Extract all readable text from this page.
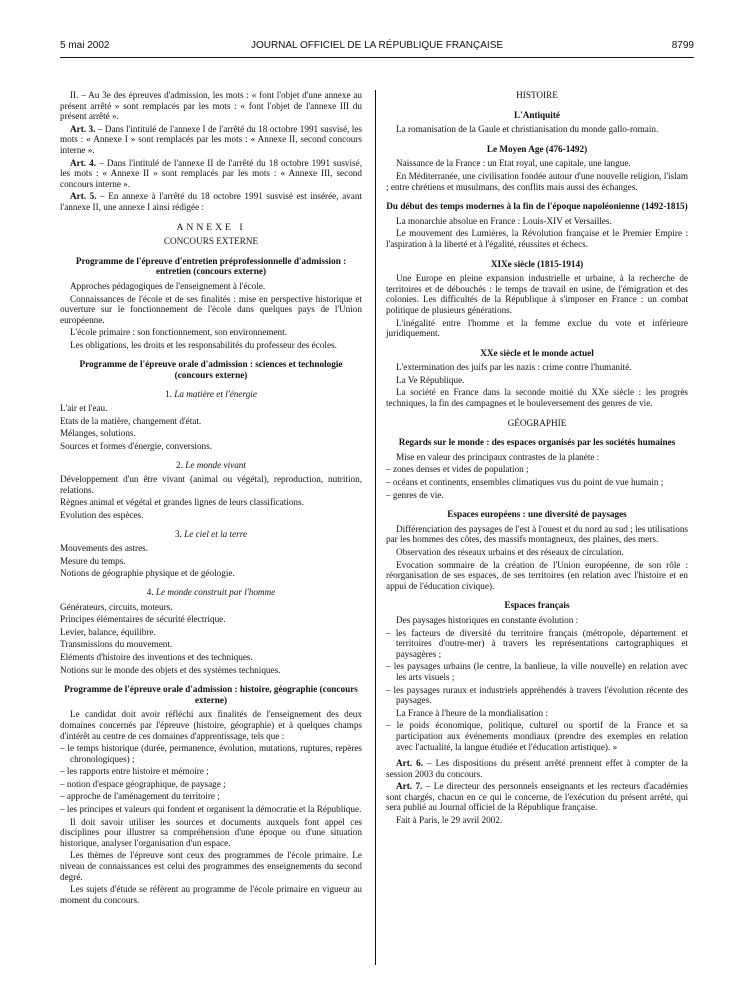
5 mai 2002	JOURNAL OFFICIEL DE LA RÉPUBLIQUE FRANÇAISE	8799

II. – Au 3e des épreuves d'admission, les mots : « font l'objet d'une annexe au présent arrêté » sont remplacés par les mots : « font l'objet de l'annexe III du présent arrêté ».

Art. 3. – Dans l'intitulé de l'annexe I de l'arrêté du 18 octobre 1991 susvisé, les mots : « Annexe I » sont remplacés par les mots : « Annexe II, second concours interne ».

Art. 4. – Dans l'intitulé de l'annexe II de l'arrêté du 18 octobre 1991 susvisé, les mots : « Annexe II » sont remplacés par les mots : « Annexe III, second concours interne ».

Art. 5. – En annexe à l'arrêté du 18 octobre 1991 susvisé est insérée, avant l'annexe II, une annexe I ainsi rédigée :

ANNEXE I

CONCOURS EXTERNE

Programme de l'épreuve d'entretien préprofessionnelle d'admission : entretien (concours externe)

Approches pédagogiques de l'enseignement à l'école.

Connaissances de l'école et de ses finalités : mise en perspective historique et ouverture sur le fonctionnement de l'école dans quelques pays de l'Union européenne.

L'école primaire : son fonctionnement, son environnement.

Les obligations, les droits et les responsabilités du professeur des écoles.

Programme de l'épreuve orale d'admission : sciences et technologie (concours externe)

1. La matière et l'énergie

L'air et l'eau.

Etats de la matière, changement d'état.

Mélanges, solutions.

Sources et formes d'énergie, conversions.

2. Le monde vivant

Développement d'un être vivant (animal ou végétal), reproduction, nutrition, relations.

Règnes animal et végétal et grandes lignes de leurs classifications.

Evolution des espèces.

3. Le ciel et la terre

Mouvements des astres.

Mesure du temps.

Notions de géographie physique et de géologie.

4. Le monde construit par l'homme

Générateurs, circuits, moteurs.

Principes élémentaires de sécurité électrique.

Levier, balance, équilibre.

Transmissions du mouvement.

Eléments d'histoire des inventions et des techniques.

Notions sur le monde des objets et des systèmes techniques.

Programme de l'épreuve orale d'admission : histoire, géographie (concours externe)

Le candidat doit avoir réfléchi aux finalités de l'enseignement des deux domaines concernés par l'épreuve (histoire, géographie) et à quelques champs d'intérêt au centre de ces domaines d'apprentissage, tels que :

– le temps historique (durée, permanence, évolution, mutations, ruptures, repères chronologiques) ;

– les rapports entre histoire et mémoire ;

– notion d'espace géographique, de paysage ;

– approche de l'aménagement du territoire ;

– les principes et valeurs qui fondent et organisent la démocratie et la République.

Il doit savoir utiliser les sources et documents auxquels font appel ces disciplines pour illustrer sa compréhension d'une époque ou d'une situation historique, analyser l'organisation d'un espace.

Les thèmes de l'épreuve sont ceux des programmes de l'école primaire. Le niveau de connaissances est celui des programmes des enseignements du second degré.

Les sujets d'étude se réfèrent au programme de l'école primaire en vigueur au moment du concours.

HISTOIRE

L'Antiquité

La romanisation de la Gaule et christianisation du monde gallo-romain.

Le Moyen Age (476-1492)

Naissance de la France : un Etat royal, une capitale, une langue.

En Méditerranée, une civilisation fondée autour d'une nouvelle religion, l'islam ; entre chrétiens et musulmans, des conflits mais aussi des échanges.

Du début des temps modernes à la fin de l'époque napoléonienne (1492-1815)

La monarchie absolue en France : Louis-XIV et Versailles.

Le mouvement des Lumières, la Révolution française et le Premier Empire : l'aspiration à la liberté et à l'égalité, réussites et échecs.

XIXe siècle (1815-1914)

Une Europe en pleine expansion industrielle et urbaine, à la recherche de territoires et de débouchés : le temps de travail en usine, de l'émigration et des colonies. Les difficultés de la République à s'imposer en France : un combat politique de plusieurs générations.

L'inégalité entre l'homme et la femme exclue du vote et inférieure juridiquement.

XXe siècle et le monde actuel

L'extermination des juifs par les nazis : crime contre l'humanité.

La Ve République.

La société en France dans la seconde moitié du XXe siècle : les progrès techniques, la fin des campagnes et le bouleversement des genres de vie.

GÉOGRAPHIE

Regards sur le monde : des espaces organisés par les sociétés humaines

Mise en valeur des principaux contrastes de la planète :

– zones denses et vides de population ;

– océans et continents, ensembles climatiques vus du point de vue humain ;

– genres de vie.

Espaces européens : une diversité de paysages

Différenciation des paysages de l'est à l'ouest et du nord au sud ; les utilisations par les hommes des côtes, des massifs montagneux, des plaines, des mers.

Observation des réseaux urbains et des réseaux de circulation.

Evocation sommaire de la création de l'Union européenne, de son rôle : réorganisation de ses espaces, de ses territoires (en relation avec l'histoire et en appui de l'éducation civique).

Espaces français

Des paysages historiques en constante évolution :

– les facteurs de diversité du territoire français (métropole, département et territoires d'outre-mer) à travers les représentations cartographiques et paysagères ;

– les paysages urbains (le centre, la banlieue, la ville nouvelle) en relation avec les arts visuels ;

– les paysages ruraux et industriels appréhendés à travers l'évolution récente des paysages.

La France à l'heure de la mondialisation :

– le poids économique, politique, culturel ou sportif de la France et sa participation aux événements mondiaux (prendre des exemples en relation avec l'actualité, la langue étudiée et l'éducation artistique). »

Art. 6. – Les dispositions du présent arrêté prennent effet à compter de la session 2003 du concours.

Art. 7. – Le directeur des personnels enseignants et les recteurs d'académies sont chargés, chacun en ce qui le concerne, de l'exécution du présent arrêté, qui sera publié au Journal officiel de la République française.

Fait à Paris, le 29 avril 2002.
